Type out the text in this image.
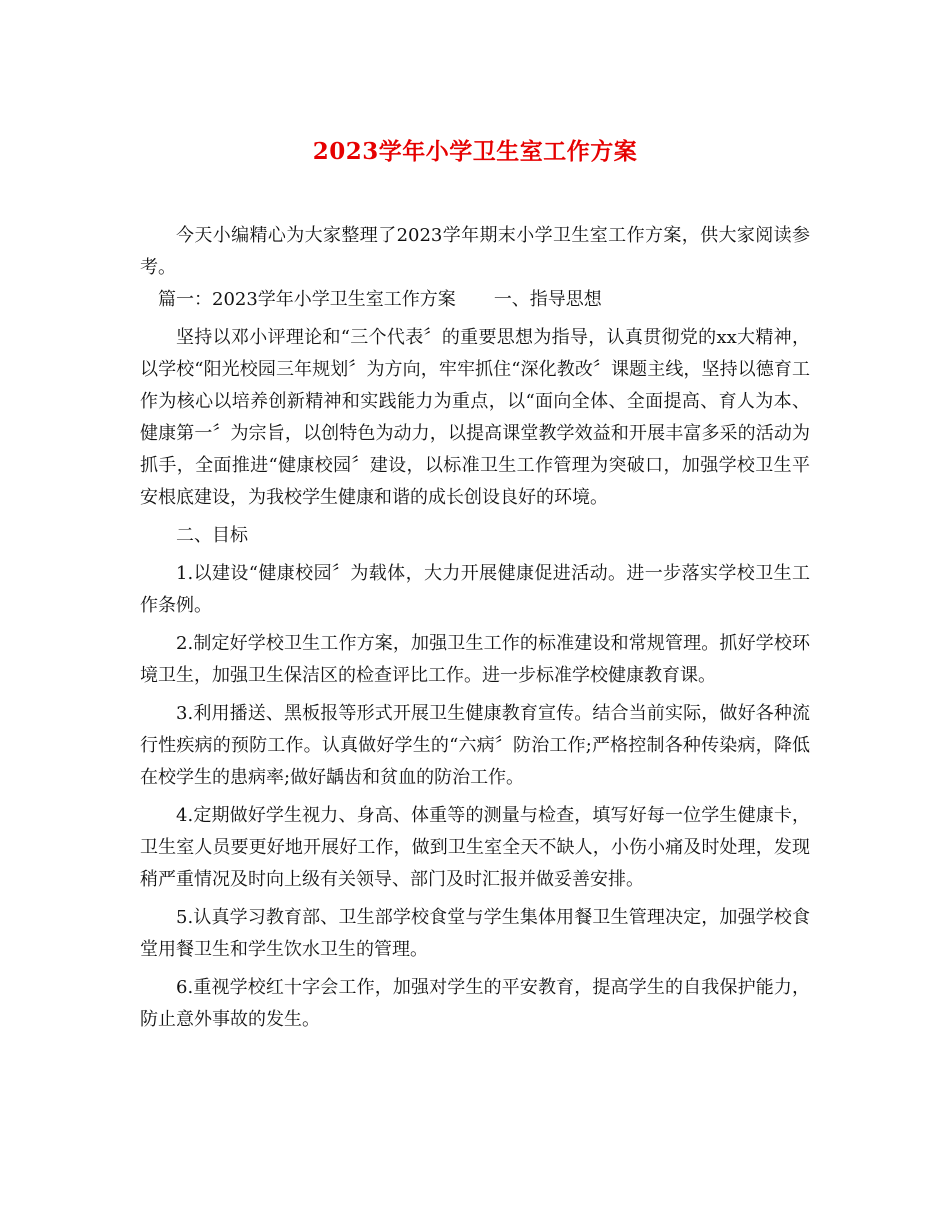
2023学年小学卫生室工作方案

今天小编精心为大家整理了2023学年期末小学卫生室工作方案，供大家阅读参考。

篇一：2023学年小学卫生室工作方案 一、指导思想

坚持以邓小评理论和“三个代表〞的重要思想为指导，认真贯彻党的xx大精神，以学校“阳光校园三年规划〞为方向，牢牢抓住“深化教改〞课题主线，坚持以德育工作为核心以培养创新精神和实践能力为重点，以“面向全体、全面提高、育人为本、健康第一〞为宗旨，以创特色为动力，以提高课堂教学效益和开展丰富多采的活动为抓手，全面推进“健康校园〞建设，以标准卫生工作管理为突破口，加强学校卫生平安根底建设，为我校学生健康和谐的成长创设良好的环境。

二、目标

1.以建设“健康校园〞为载体，大力开展健康促进活动。进一步落实学校卫生工作条例。

2.制定好学校卫生工作方案，加强卫生工作的标准建设和常规管理。抓好学校环境卫生，加强卫生保洁区的检查评比工作。进一步标准学校健康教育课。

3.利用播送、黑板报等形式开展卫生健康教育宣传。结合当前实际，做好各种流行性疾病的预防工作。认真做好学生的“六病〞防治工作;严格控制各种传染病，降低在校学生的患病率;做好龋齿和贫血的防治工作。

4.定期做好学生视力、身高、体重等的测量与检查，填写好每一位学生健康卡，卫生室人员要更好地开展好工作，做到卫生室全天不缺人，小伤小痛及时处理，发现稍严重情况及时向上级有关领导、部门及时汇报并做妥善安排。

5.认真学习教育部、卫生部学校食堂与学生集体用餐卫生管理决定，加强学校食堂用餐卫生和学生饮水卫生的管理。

6.重视学校红十字会工作，加强对学生的平安教育，提高学生的自我保护能力，防止意外事故的发生。
